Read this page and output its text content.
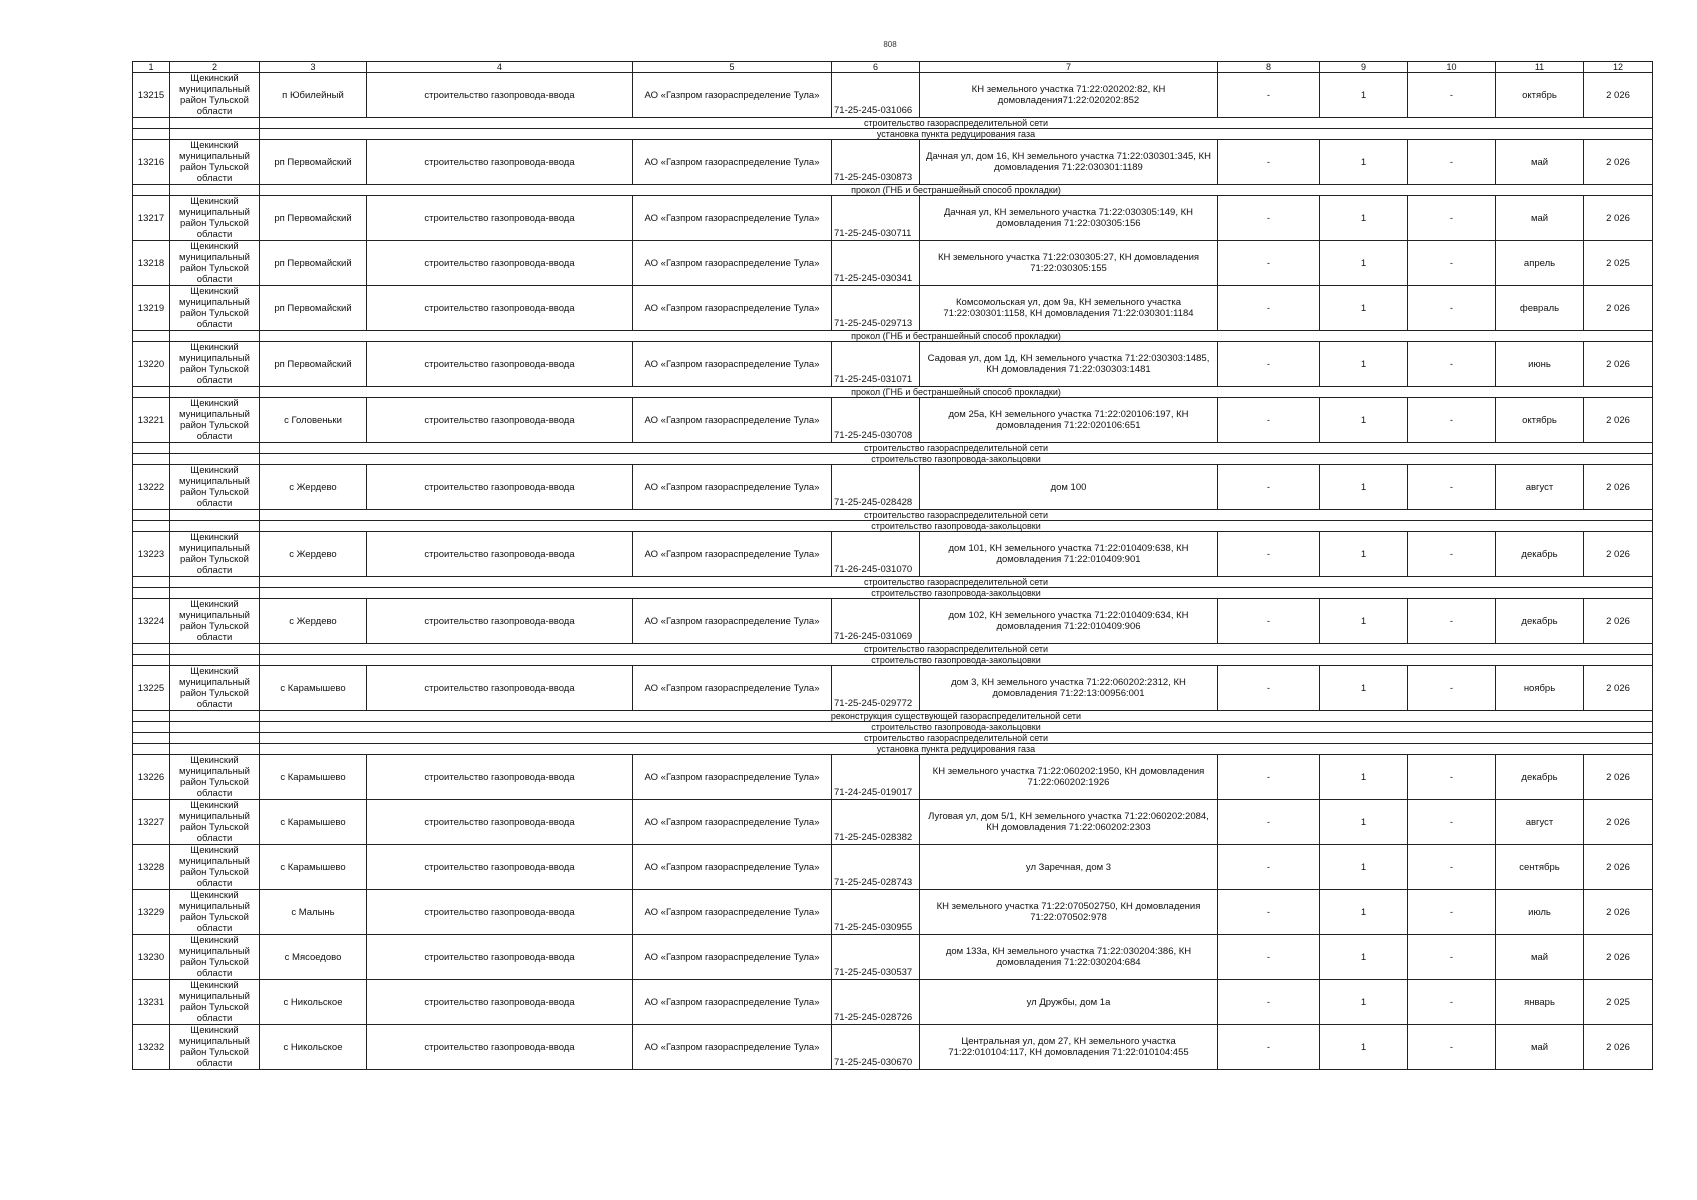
808
1	2	3	4	5	6	7	8	9	10	11	12
13215	Щекинский муниципальный район Тульской области	п Юбилейный	строительство газопровода-ввода	АО «Газпром газораспределение Тула»	71-25-245-031066	КН земельного участка 71:22:020202:82, КН домовладения71:22:020202:852	-	1	-	октябрь	2 026
		строительство газораспределительной сети									
		установка пункта редуцирования газа									
13216	Щекинский муниципальный район Тульской области	рп Первомайский	строительство газопровода-ввода	АО «Газпром газораспределение Тула»	71-25-245-030873	Дачная ул, дом 16, КН земельного участка 71:22:030301:345, КН домовладения 71:22:030301:1189	-	1	-	май	2 026
		прокол (ГНБ и бестраншейный способ прокладки)									
13217	Щекинский муниципальный район Тульской области	рп Первомайский	строительство газопровода-ввода	АО «Газпром газораспределение Тула»	71-25-245-030711	Дачная ул, КН земельного участка 71:22:030305:149, КН домовладения 71:22:030305:156	-	1	-	май	2 026
13218	Щекинский муниципальный район Тульской области	рп Первомайский	строительство газопровода-ввода	АО «Газпром газораспределение Тула»	71-25-245-030341	КН земельного участка 71:22:030305:27, КН домовладения 71:22:030305:155	-	1	-	апрель	2 025
13219	Щекинский муниципальный район Тульской области	рп Первомайский	строительство газопровода-ввода	АО «Газпром газораспределение Тула»	71-25-245-029713	Комсомольская ул, дом 9а, КН земельного участка 71:22:030301:1158, КН домовладения 71:22:030301:1184	-	1	-	февраль	2 026
		прокол (ГНБ и бестраншейный способ прокладки)									
13220	Щекинский муниципальный район Тульской области	рп Первомайский	строительство газопровода-ввода	АО «Газпром газораспределение Тула»	71-25-245-031071	Садовая ул, дом 1д, КН земельного участка 71:22:030303:1485, КН домовладения 71:22:030303:1481	-	1	-	июнь	2 026
		прокол (ГНБ и бестраншейный способ прокладки)									
13221	Щекинский муниципальный район Тульской области	с Головеньки	строительство газопровода-ввода	АО «Газпром газораспределение Тула»	71-25-245-030708	дом 25а, КН земельного участка 71:22:020106:197, КН домовладения 71:22:020106:651	-	1	-	октябрь	2 026
		строительство газораспределительной сети									
		строительство газопровода-закольцовки									
13222	Щекинский муниципальный район Тульской области	с Жердево	строительство газопровода-ввода	АО «Газпром газораспределение Тула»	71-25-245-028428	дом 100	-	1	-	август	2 026
		строительство газораспределительной сети									
		строительство газопровода-закольцовки									
13223	Щекинский муниципальный район Тульской области	с Жердево	строительство газопровода-ввода	АО «Газпром газораспределение Тула»	71-26-245-031070	дом 101, КН земельного участка 71:22:010409:638, КН домовладения 71:22:010409:901	-	1	-	декабрь	2 026
		строительство газораспределительной сети									
		строительство газопровода-закольцовки									
13224	Щекинский муниципальный район Тульской области	с Жердево	строительство газопровода-ввода	АО «Газпром газораспределение Тула»	71-26-245-031069	дом 102, КН земельного участка 71:22:010409:634, КН домовладения 71:22:010409:906	-	1	-	декабрь	2 026
		строительство газораспределительной сети									
		строительство газопровода-закольцовки									
13225	Щекинский муниципальный район Тульской области	с Карамышево	строительство газопровода-ввода	АО «Газпром газораспределение Тула»	71-25-245-029772	дом 3, КН земельного участка 71:22:060202:2312, КН домовладения 71:22:13:00956:001	-	1	-	ноябрь	2 026
		реконструкция существующей газораспределительной сети									
		строительство газопровода-закольцовки									
		строительство газораспределительной сети									
		установка пункта редуцирования газа									
13226	Щекинский муниципальный район Тульской области	с Карамышево	строительство газопровода-ввода	АО «Газпром газораспределение Тула»	71-24-245-019017	КН земельного участка 71:22:060202:1950, КН домовладения 71:22:060202:1926	-	1	-	декабрь	2 026
13227	Щекинский муниципальный район Тульской области	с Карамышево	строительство газопровода-ввода	АО «Газпром газораспределение Тула»	71-25-245-028382	Луговая ул, дом 5/1, КН земельного участка 71:22:060202:2084, КН домовладения 71:22:060202:2303	-	1	-	август	2 026
13228	Щекинский муниципальный район Тульской области	с Карамышево	строительство газопровода-ввода	АО «Газпром газораспределение Тула»	71-25-245-028743	ул Заречная, дом 3	-	1	-	сентябрь	2 026
13229	Щекинский муниципальный район Тульской области	с Малынь	строительство газопровода-ввода	АО «Газпром газораспределение Тула»	71-25-245-030955	КН земельного участка 71:22:070502750, КН домовладения 71:22:070502:978	-	1	-	июль	2 026
13230	Щекинский муниципальный район Тульской области	с Мясоедово	строительство газопровода-ввода	АО «Газпром газораспределение Тула»	71-25-245-030537	дом 133а, КН земельного участка 71:22:030204:386, КН домовладения 71:22:030204:684	-	1	-	май	2 026
13231	Щекинский муниципальный район Тульской области	с Никольское	строительство газопровода-ввода	АО «Газпром газораспределение Тула»	71-25-245-028726	ул Дружбы, дом 1а	-	1	-	январь	2 025
13232	Щекинский муниципальный район Тульской области	с Никольское	строительство газопровода-ввода	АО «Газпром газораспределение Тула»	71-25-245-030670	Центральная ул, дом 27, КН земельного участка 71:22:010104:117, КН домовладения 71:22:010104:455	-	1	-	май	2 026
